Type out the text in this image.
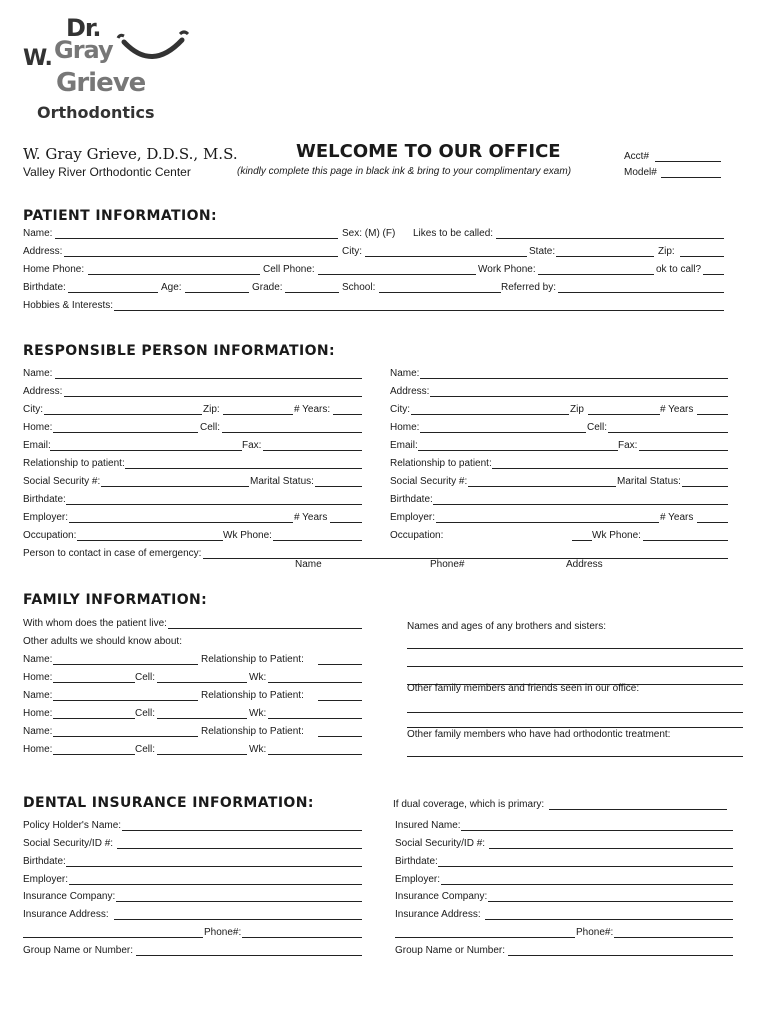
Dr.
W. Gray
Grieve
Orthodontics
W. Gray Grieve, D.D.S., M.S.
Valley River Orthodontic Center
WELCOME TO OUR OFFICE
(kindly complete this page in black ink & bring to your complimentary exam)
Acct#
Model#
PATIENT INFORMATION:
Name:	Sex: (M) (F) Likes to be called:
Address:	City:	State:	Zip:
Home Phone:	Cell Phone:	Work Phone:	ok to call?
Birthdate:	Age:	Grade:	School:	Referred by:
Hobbies & Interests:
RESPONSIBLE PERSON INFORMATION:
Name:
Address:
City:	Zip:	# Years:
Home:	Cell:
Email:	Fax:
Relationship to patient:
Social Security #:	Marital Status:
Birthdate:
Employer:	# Years
Occupation:	Wk Phone:
Name:
Address:
City:	Zip	# Years
Home:	Cell:
Email:	Fax:
Relationship to patient:
Social Security #:	Marital Status:
Birthdate:
Employer:	# Years
Occupation:	Wk Phone:
Person to contact in case of emergency:
Name	Phone#	Address
FAMILY INFORMATION:
With whom does the patient live:
Other adults we should know about:
Name:	Relationship to Patient:
Home:	Cell:	Wk:
Name:	Relationship to Patient:
Home:	Cell:	Wk:
Name:	Relationship to Patient:
Home:	Cell:	Wk:
Names and ages of any brothers and sisters:
Other family members and friends seen in our office:
Other family members who have had orthodontic treatment:
DENTAL INSURANCE INFORMATION:	If dual coverage, which is primary:
Policy Holder's Name:
Social Security/ID #:
Birthdate:
Employer:
Insurance Company:
Insurance Address:
Phone#:
Group Name or Number:
Insured Name:
Social Security/ID #:
Birthdate:
Employer:
Insurance Company:
Insurance Address:
Phone#:
Group Name or Number:
